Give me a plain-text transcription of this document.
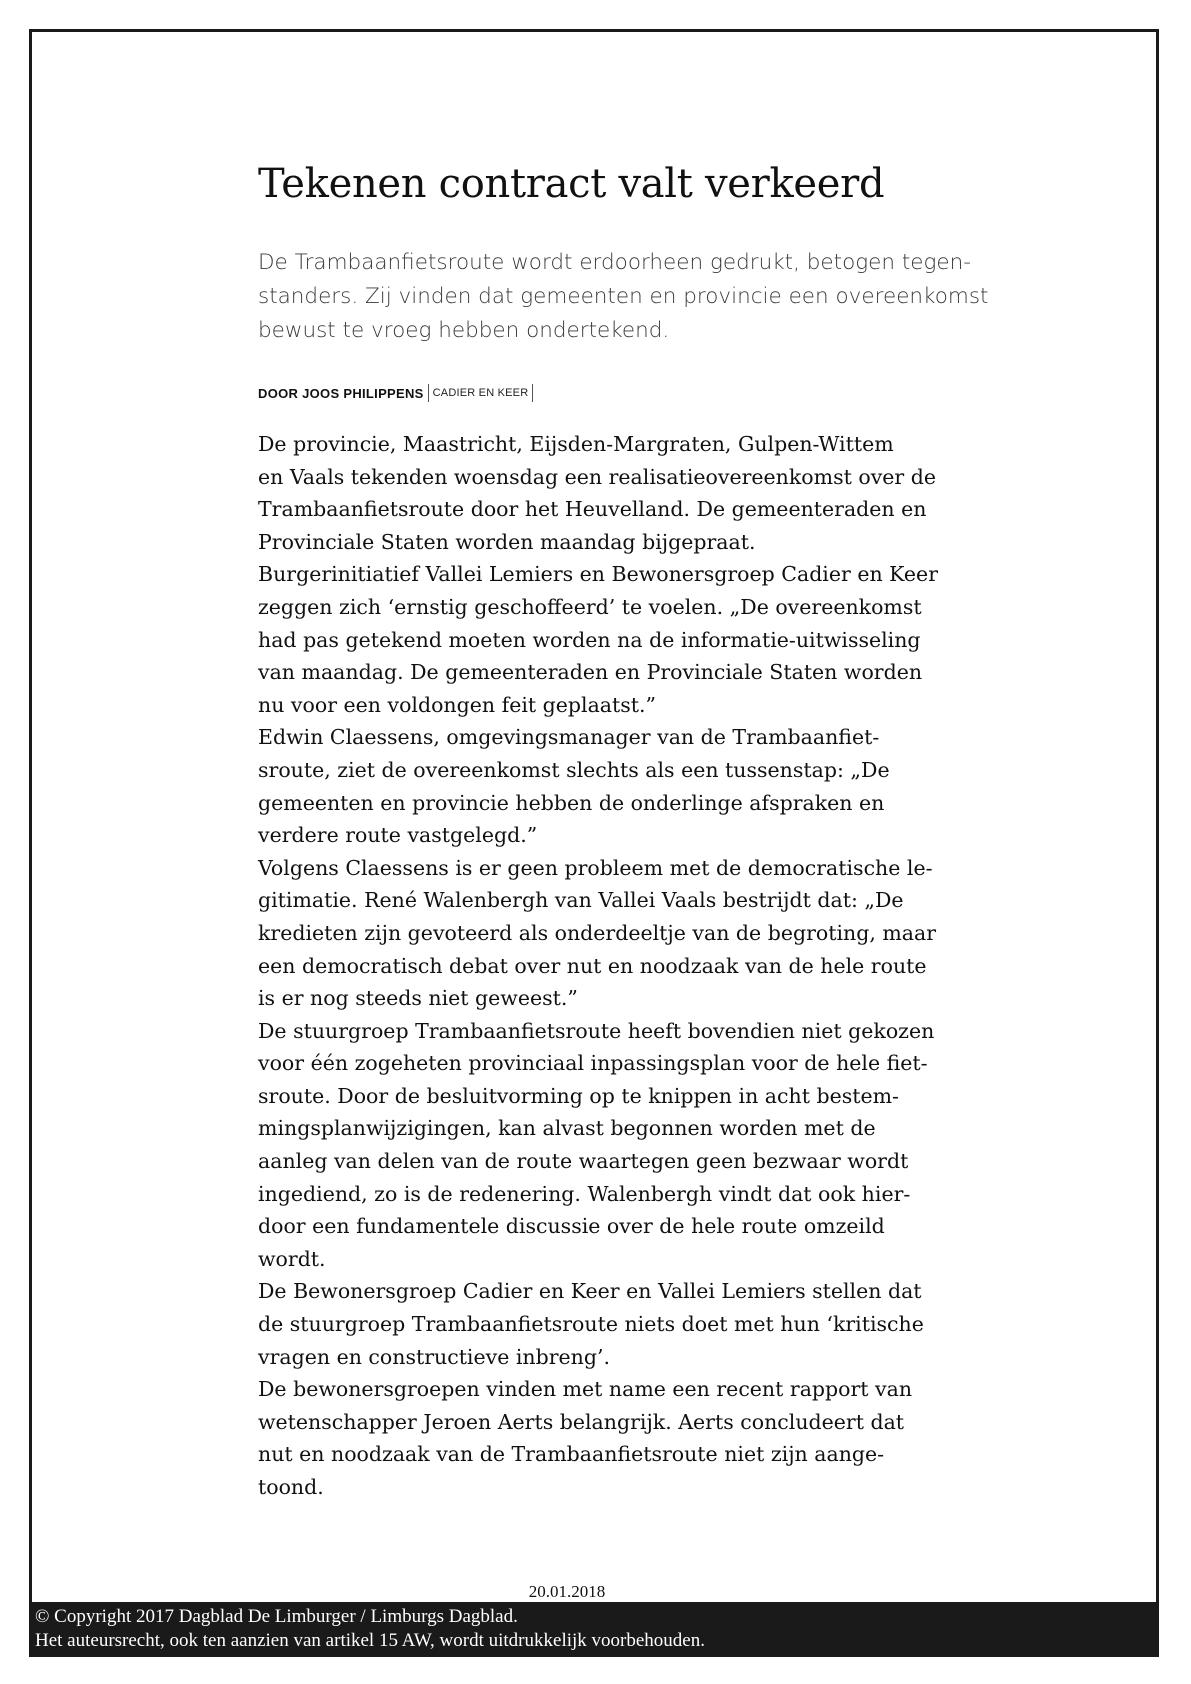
Tekenen contract valt verkeerd

De Trambaanfietsroute wordt erdoorheen gedrukt, betogen tegen-
standers. Zij vinden dat gemeenten en provincie een overeenkomst
bewust te vroeg hebben ondertekend.

DOOR JOOS PHILIPPENS CADIER EN KEER
De provincie, Maastricht, Eijsden-Margraten, Gulpen-Wittem
en Vaals tekenden woensdag een realisatieovereenkomst over de
Trambaanfietsroute door het Heuvelland. De gemeenteraden en
Provinciale Staten worden maandag bijgepraat.
Burgerinitiatief Vallei Lemiers en Bewonersgroep Cadier en Keer
zeggen zich ‘ernstig geschoffeerd’ te voelen. „De overeenkomst
had pas getekend moeten worden na de informatie-uitwisseling
van maandag. De gemeenteraden en Provinciale Staten worden
nu voor een voldongen feit geplaatst.”
Edwin Claessens, omgevingsmanager van de Trambaanfiet-
sroute, ziet de overeenkomst slechts als een tussenstap: „De
gemeenten en provincie hebben de onderlinge afspraken en
verdere route vastgelegd.”
Volgens Claessens is er geen probleem met de democratische le-
gitimatie. René Walenbergh van Vallei Vaals bestrijdt dat: „De
kredieten zijn gevoteerd als onderdeeltje van de begroting, maar
een democratisch debat over nut en noodzaak van de hele route
is er nog steeds niet geweest.”
De stuurgroep Trambaanfietsroute heeft bovendien niet gekozen
voor één zogeheten provinciaal inpassingsplan voor de hele fiet-
sroute. Door de besluitvorming op te knippen in acht bestem-
mingsplanwijzigingen, kan alvast begonnen worden met de
aanleg van delen van de route waartegen geen bezwaar wordt
ingediend, zo is de redenering. Walenbergh vindt dat ook hier-
door een fundamentele discussie over de hele route omzeild
wordt.
De Bewonersgroep Cadier en Keer en Vallei Lemiers stellen dat
de stuurgroep Trambaanfietsroute niets doet met hun ‘kritische
vragen en constructieve inbreng’.
De bewonersgroepen vinden met name een recent rapport van
wetenschapper Jeroen Aerts belangrijk. Aerts concludeert dat
nut en noodzaak van de Trambaanfietsroute niet zijn aange-
toond.
20.01.2018
© Copyright 2017 Dagblad De Limburger / Limburgs Dagblad.
Het auteursrecht, ook ten aanzien van artikel 15 AW, wordt uitdrukkelijk voorbehouden.
